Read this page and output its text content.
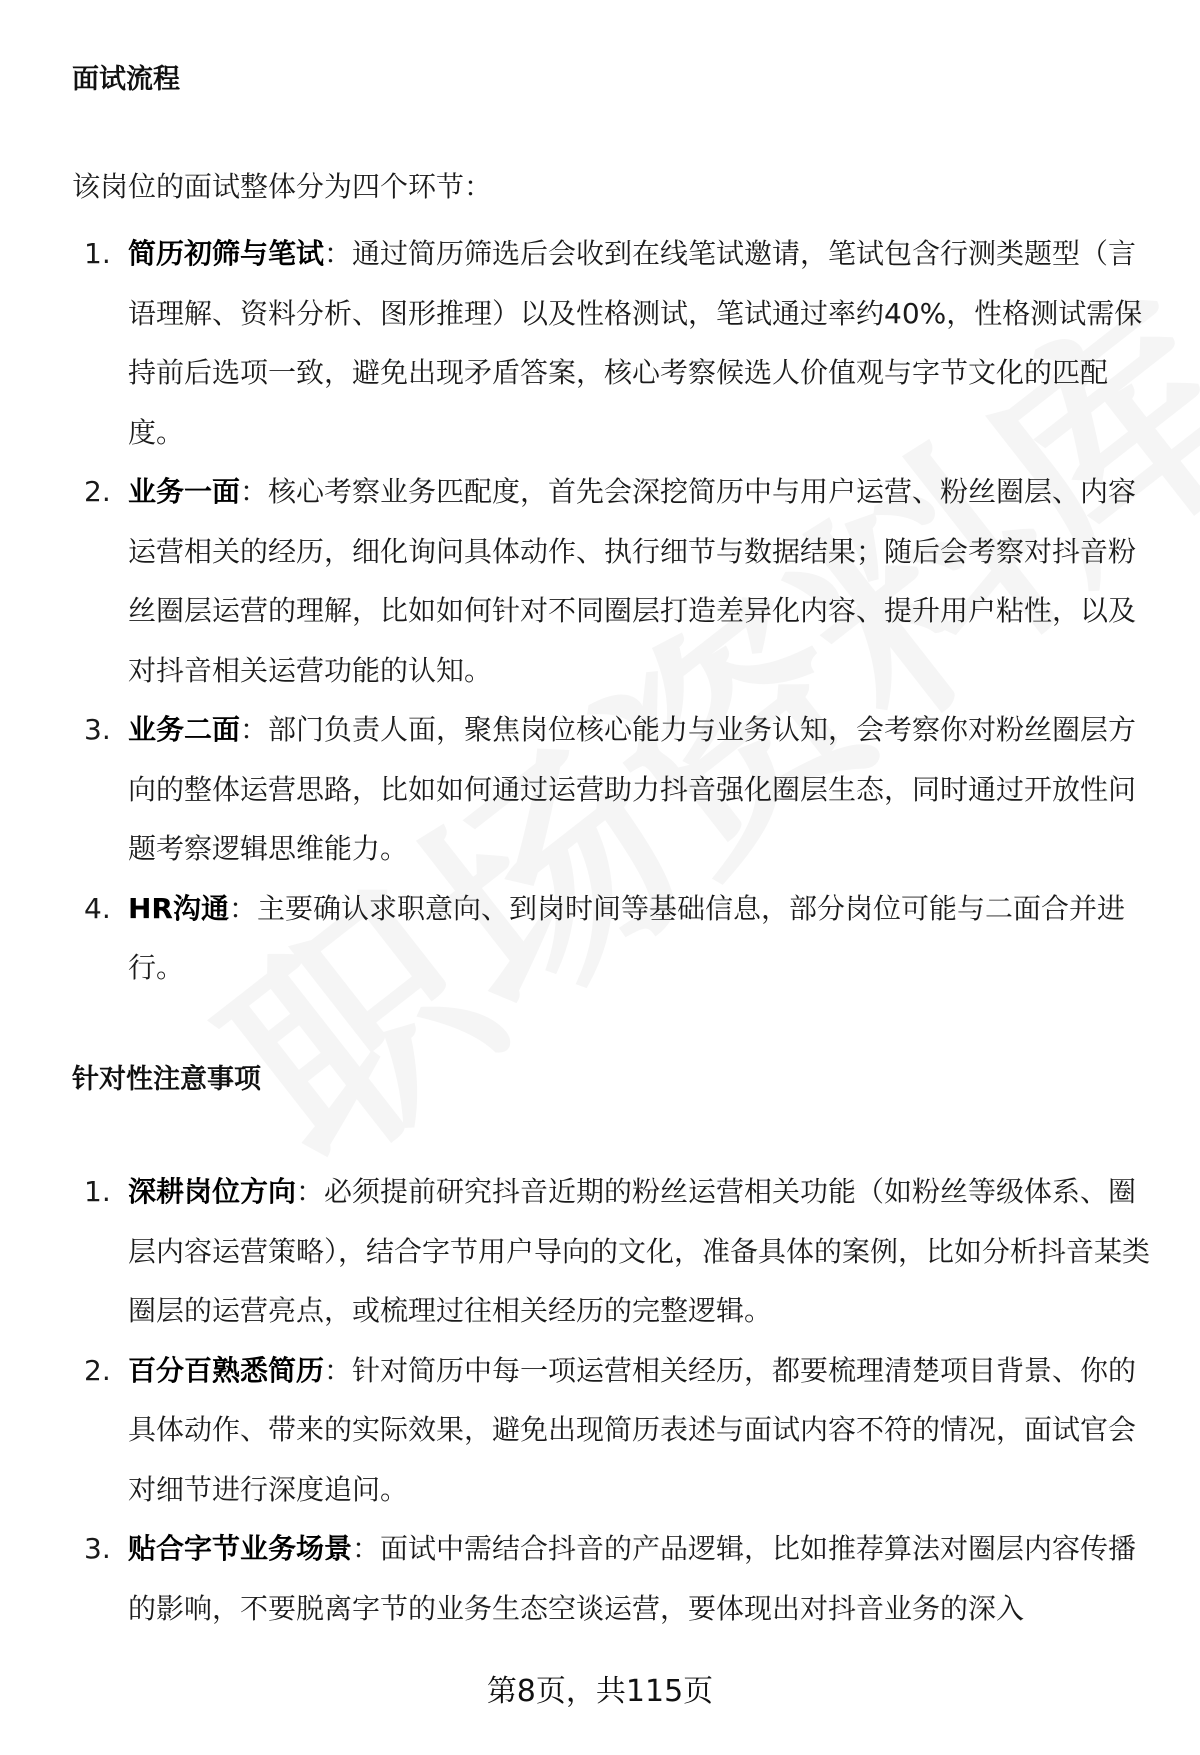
面试流程

该岗位的面试整体分为四个环节：

1. 简历初筛与笔试：通过简历筛选后会收到在线笔试邀请，笔试包含行测类题型（言语理解、资料分析、图形推理）以及性格测试，笔试通过率约40%，性格测试需保持前后选项一致，避免出现矛盾答案，核心考察候选人价值观与字节文化的匹配度。
2. 业务一面：核心考察业务匹配度，首先会深挖简历中与用户运营、粉丝圈层、内容运营相关的经历，细化询问具体动作、执行细节与数据结果；随后会考察对抖音粉丝圈层运营的理解，比如如何针对不同圈层打造差异化内容、提升用户粘性，以及对抖音相关运营功能的认知。
3. 业务二面：部门负责人面，聚焦岗位核心能力与业务认知，会考察你对粉丝圈层方向的整体运营思路，比如如何通过运营助力抖音强化圈层生态，同时通过开放性问题考察逻辑思维能力。
4. HR沟通：主要确认求职意向、到岗时间等基础信息，部分岗位可能与二面合并进行。
针对性注意事项
1. 深耕岗位方向：必须提前研究抖音近期的粉丝运营相关功能（如粉丝等级体系、圈层内容运营策略），结合字节用户导向的文化，准备具体的案例，比如分析抖音某类圈层的运营亮点，或梳理过往相关经历的完整逻辑。
2. 百分百熟悉简历：针对简历中每一项运营相关经历，都要梳理清楚项目背景、你的具体动作、带来的实际效果，避免出现简历表述与面试内容不符的情况，面试官会对细节进行深度追问。
3. 贴合字节业务场景：面试中需结合抖音的产品逻辑，比如推荐算法对圈层内容传播的影响，不要脱离字节的业务生态空谈运营，要体现出对抖音业务的深入
第8页，共115页
